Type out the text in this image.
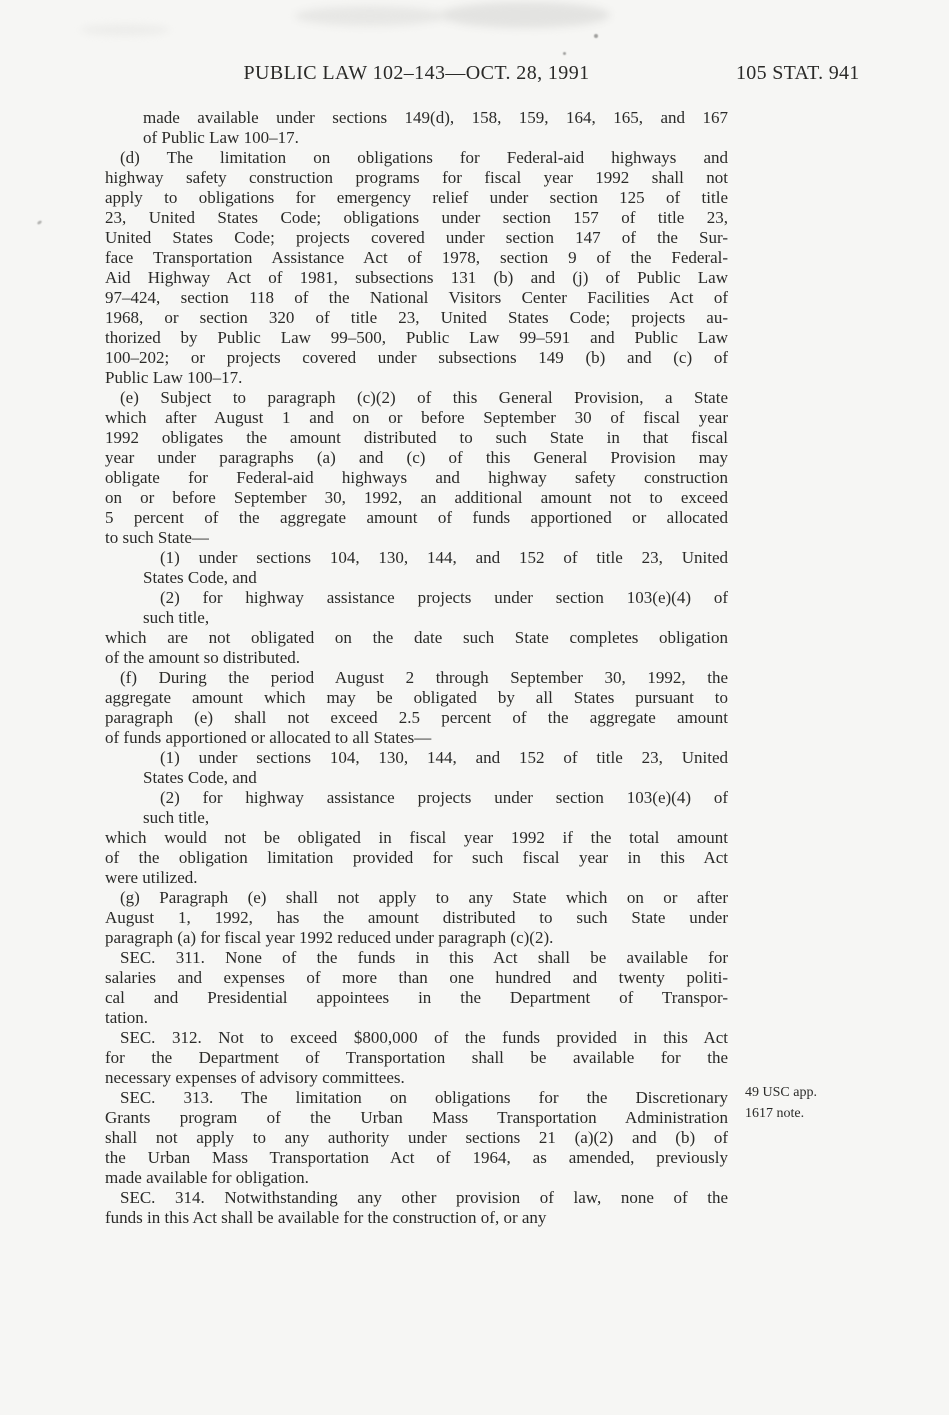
PUBLIC LAW 102–143—OCT. 28, 1991	105 STAT. 941
made available under sections 149(d), 158, 159, 164, 165, and 167
of Public Law 100–17.
(d) The limitation on obligations for Federal-aid highways and
highway safety construction programs for fiscal year 1992 shall not
apply to obligations for emergency relief under section 125 of title
23, United States Code; obligations under section 157 of title 23,
United States Code; projects covered under section 147 of the Sur-
face Transportation Assistance Act of 1978, section 9 of the Federal-
Aid Highway Act of 1981, subsections 131 (b) and (j) of Public Law
97–424, section 118 of the National Visitors Center Facilities Act of
1968, or section 320 of title 23, United States Code; projects au-
thorized by Public Law 99–500, Public Law 99–591 and Public Law
100–202; or projects covered under subsections 149 (b) and (c) of
Public Law 100–17.
(e) Subject to paragraph (c)(2) of this General Provision, a State
which after August 1 and on or before September 30 of fiscal year
1992 obligates the amount distributed to such State in that fiscal
year under paragraphs (a) and (c) of this General Provision may
obligate for Federal-aid highways and highway safety construction
on or before September 30, 1992, an additional amount not to exceed
5 percent of the aggregate amount of funds apportioned or allocated
to such State—
(1) under sections 104, 130, 144, and 152 of title 23, United
States Code, and
(2) for highway assistance projects under section 103(e)(4) of
such title,
which are not obligated on the date such State completes obligation
of the amount so distributed.
(f) During the period August 2 through September 30, 1992, the
aggregate amount which may be obligated by all States pursuant to
paragraph (e) shall not exceed 2.5 percent of the aggregate amount
of funds apportioned or allocated to all States—
(1) under sections 104, 130, 144, and 152 of title 23, United
States Code, and
(2) for highway assistance projects under section 103(e)(4) of
such title,
which would not be obligated in fiscal year 1992 if the total amount
of the obligation limitation provided for such fiscal year in this Act
were utilized.
(g) Paragraph (e) shall not apply to any State which on or after
August 1, 1992, has the amount distributed to such State under
paragraph (a) for fiscal year 1992 reduced under paragraph (c)(2).
SEC. 311. None of the funds in this Act shall be available for
salaries and expenses of more than one hundred and twenty politi-
cal and Presidential appointees in the Department of Transpor-
tation.
SEC. 312. Not to exceed $800,000 of the funds provided in this Act
for the Department of Transportation shall be available for the
necessary expenses of advisory committees.
SEC. 313. The limitation on obligations for the Discretionary
Grants program of the Urban Mass Transportation Administration
shall not apply to any authority under sections 21 (a)(2) and (b) of
the Urban Mass Transportation Act of 1964, as amended, previously
made available for obligation.
SEC. 314. Notwithstanding any other provision of law, none of the
funds in this Act shall be available for the construction of, or any
49 USC app.
1617 note.
